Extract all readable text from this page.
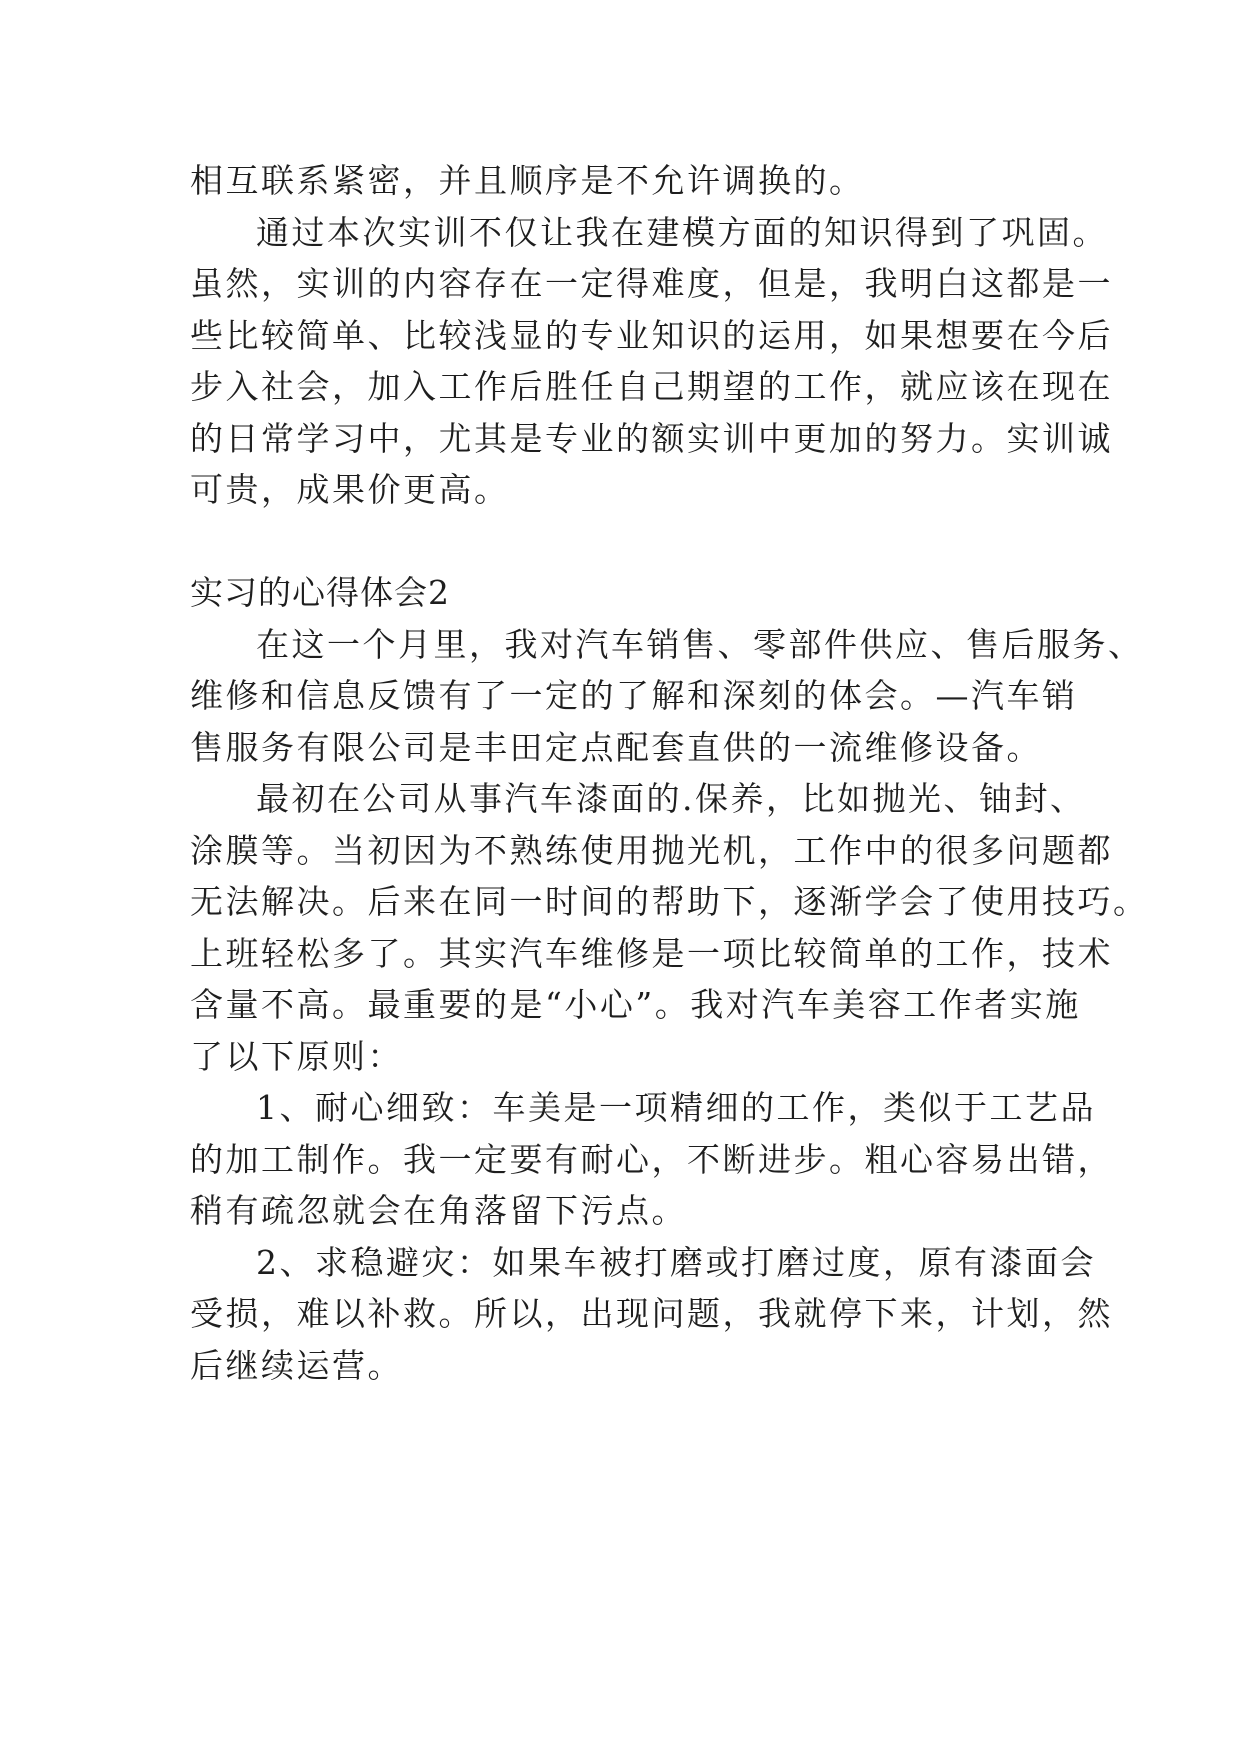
相互联系紧密，并且顺序是不允许调换的。
通过本次实训不仅让我在建模方面的知识得到了巩固。
虽然，实训的内容存在一定得难度，但是，我明白这都是一
些比较简单、比较浅显的专业知识的运用，如果想要在今后
步入社会，加入工作后胜任自己期望的工作，就应该在现在
的日常学习中，尤其是专业的额实训中更加的努力。实训诚
可贵，成果价更高。
实习的心得体会2
在这一个月里，我对汽车销售、零部件供应、售后服务、
维修和信息反馈有了一定的了解和深刻的体会。—汽车销
售服务有限公司是丰田定点配套直供的一流维修设备。
最初在公司从事汽车漆面的.保养，比如抛光、铀封、
涂膜等。当初因为不熟练使用抛光机，工作中的很多问题都
无法解决。后来在同一时间的帮助下，逐渐学会了使用技巧。
上班轻松多了。其实汽车维修是一项比较简单的工作，技术
含量不高。最重要的是“小心”。我对汽车美容工作者实施
了以下原则：
1、耐心细致：车美是一项精细的工作，类似于工艺品
的加工制作。我一定要有耐心，不断进步。粗心容易出错，
稍有疏忽就会在角落留下污点。
2、求稳避灾：如果车被打磨或打磨过度，原有漆面会
受损，难以补救。所以，出现问题，我就停下来，计划，然
后继续运营。
